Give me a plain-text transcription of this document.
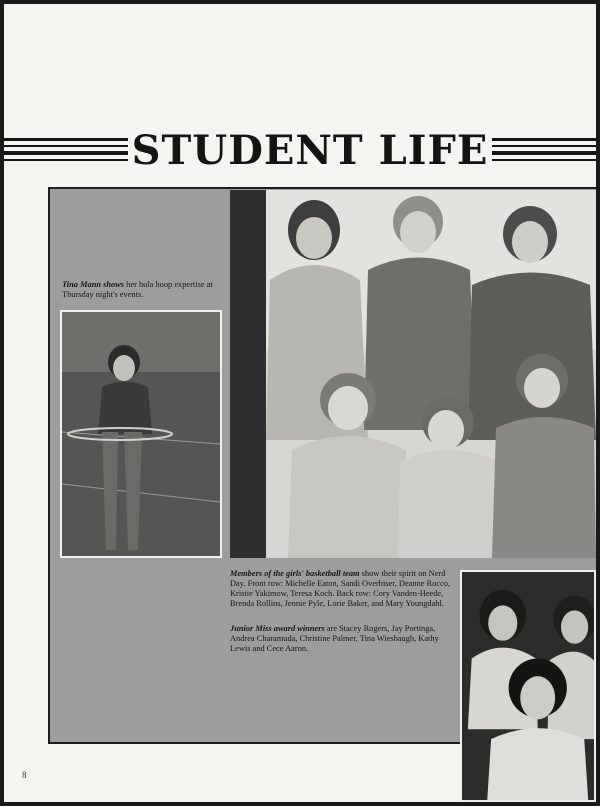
STUDENT LIFE
Tina Mann shows her hula hoop expertise at Thursday night's events.
Members of the girls' basketball team show their spirit on Nerd Day. Front row: Michelle Eaton, Sandi Overbiser, Deanne Rocco, Kristie Yakimow, Teresa Koch. Back row: Cory Vanden-Heede, Brenda Rollins, Jennie Pyle, Lorie Baker, and Mary Youngdahl.
Junior Miss award winners are Stacey Rogers, Jay Portinga, Andrea Charamuda, Christine Palmer, Tina Wiesbaugh, Kathy Lewis and Cece Aaron.
8
